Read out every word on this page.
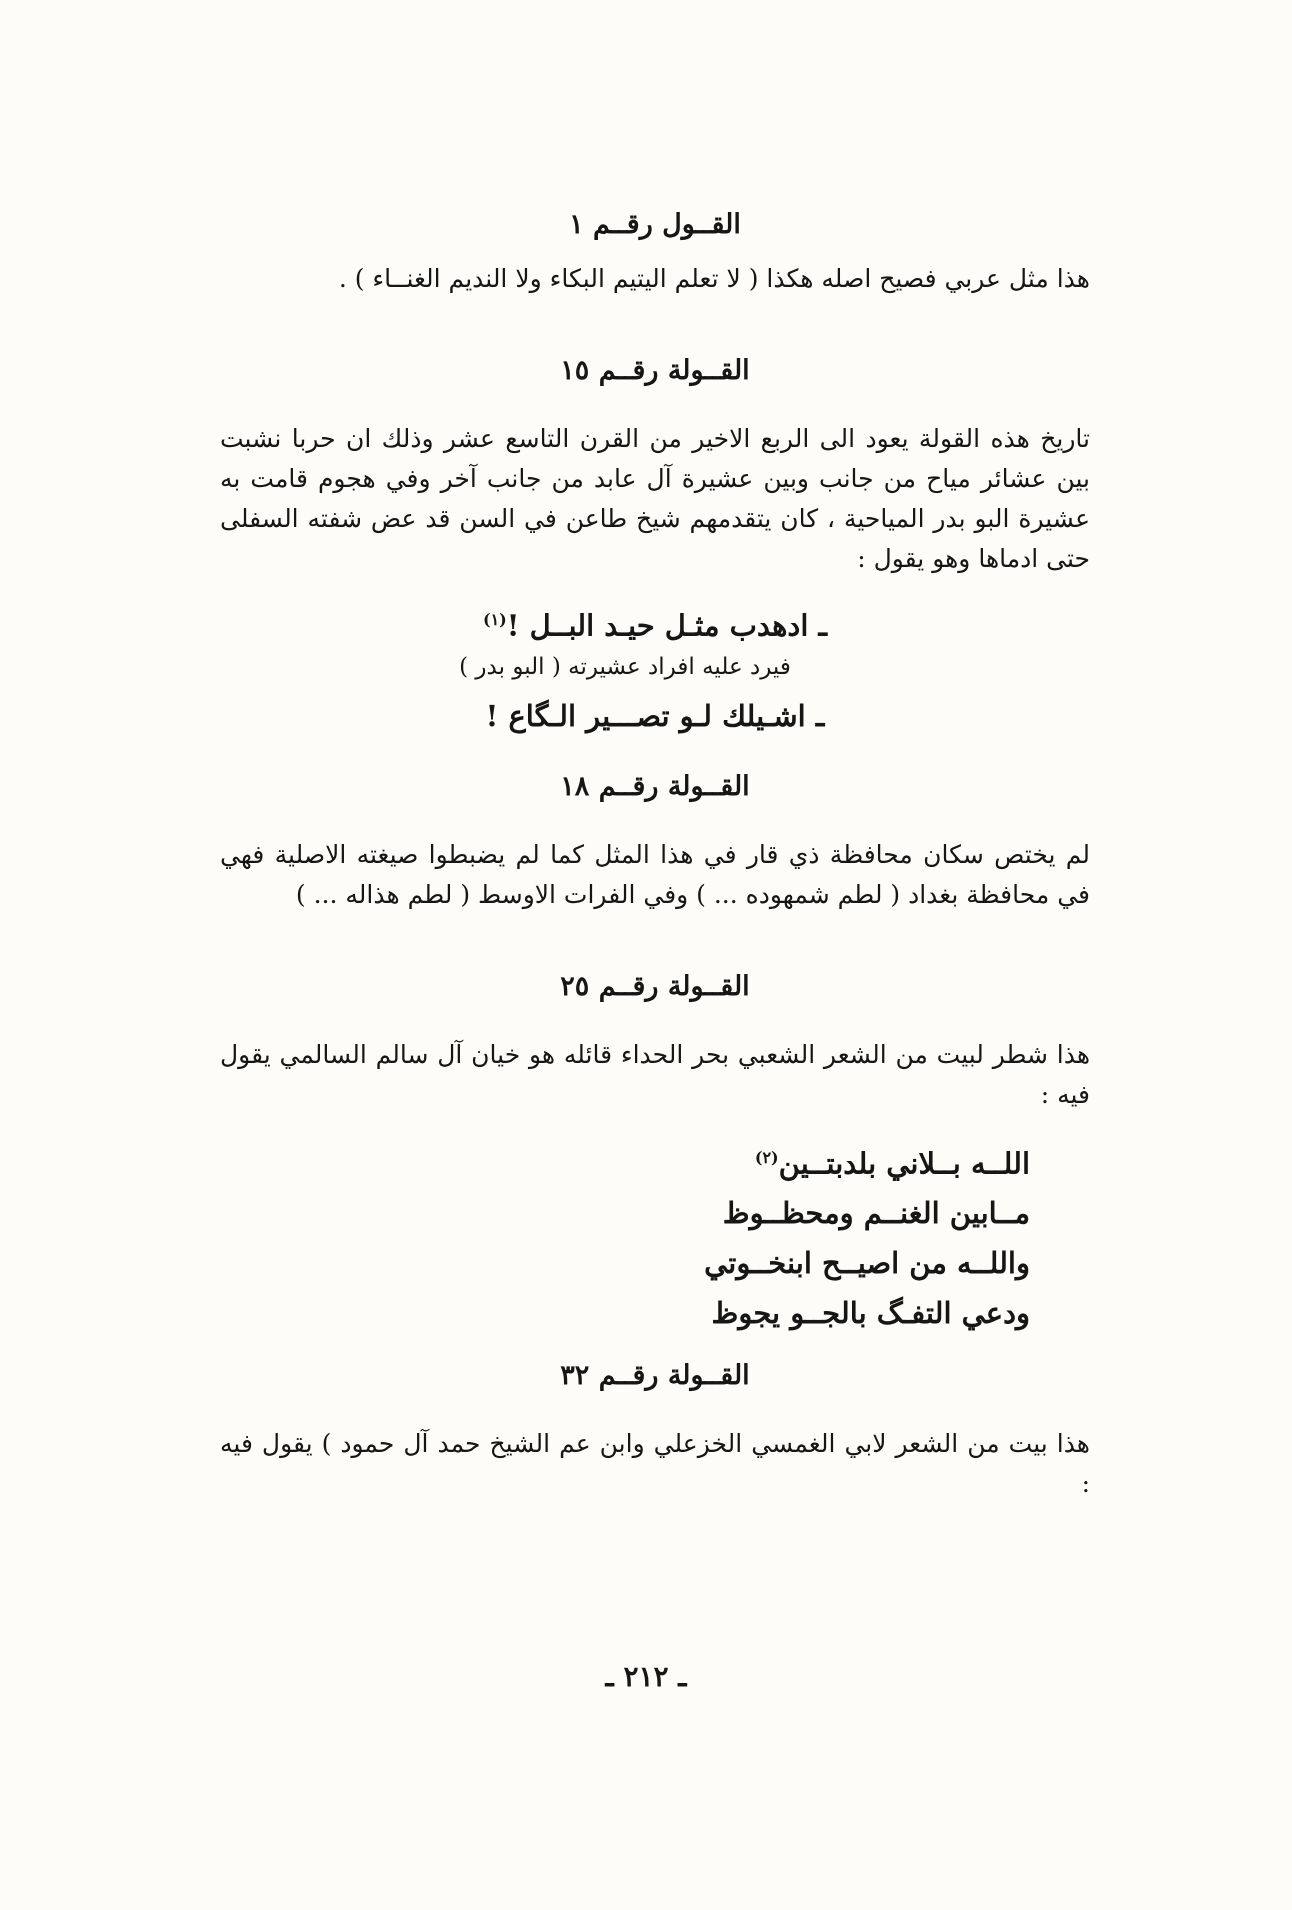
القــول رقــم ١

هذا مثل عربي فصيح اصله هكذا ( لا تعلم اليتيم البكاء ولا النديم الغنــاء ) .

القــولة رقــم ١٥

تاريخ هذه القولة يعود الى الربع الاخير من القرن التاسع عشر وذلك ان حربا نشبت بين عشائر مياح من جانب وبين عشيرة آل عابد من جانب آخر وفي هجوم قامت به عشيرة البو بدر المياحية ، كان يتقدمهم شيخ طاعن في السن قد عض شفته السفلى حتى ادماها وهو يقول :

ـ ادهدب مثـل حيـد البــل !$^{(١)}$

فيرد عليه افراد عشيرته ( البو بدر )

ـ اشـيلك لـو تصـــير الـگاع !

القــولة رقــم ١٨

لم يختص سكان محافظة ذي قار في هذا المثل كما لم يضبطوا صيغته الاصلية فهي في محافظة بغداد ( لطم شمهوده ... ) وفي الفرات الاوسط ( لطم هذاله ... )

القــولة رقــم ٢٥

هذا شطر لبيت من الشعر الشعبي بحر الحداء قائله هو خيان آل سالم السالمي يقول فيه :

اللــه بــلاني بلدبتــين$^{(٢)}$

مــابين الغنــم ومحظــوظ

واللــه من اصيــح ابنخــوتي

ودعي التفـگ بالجــو يجوظ

القــولة رقــم ٣٢

هذا بيت من الشعر لابي الغمسي الخزعلي وابن عم الشيخ حمد آل حمود ) يقول فيه :

ـ ٢١٢ ـ
